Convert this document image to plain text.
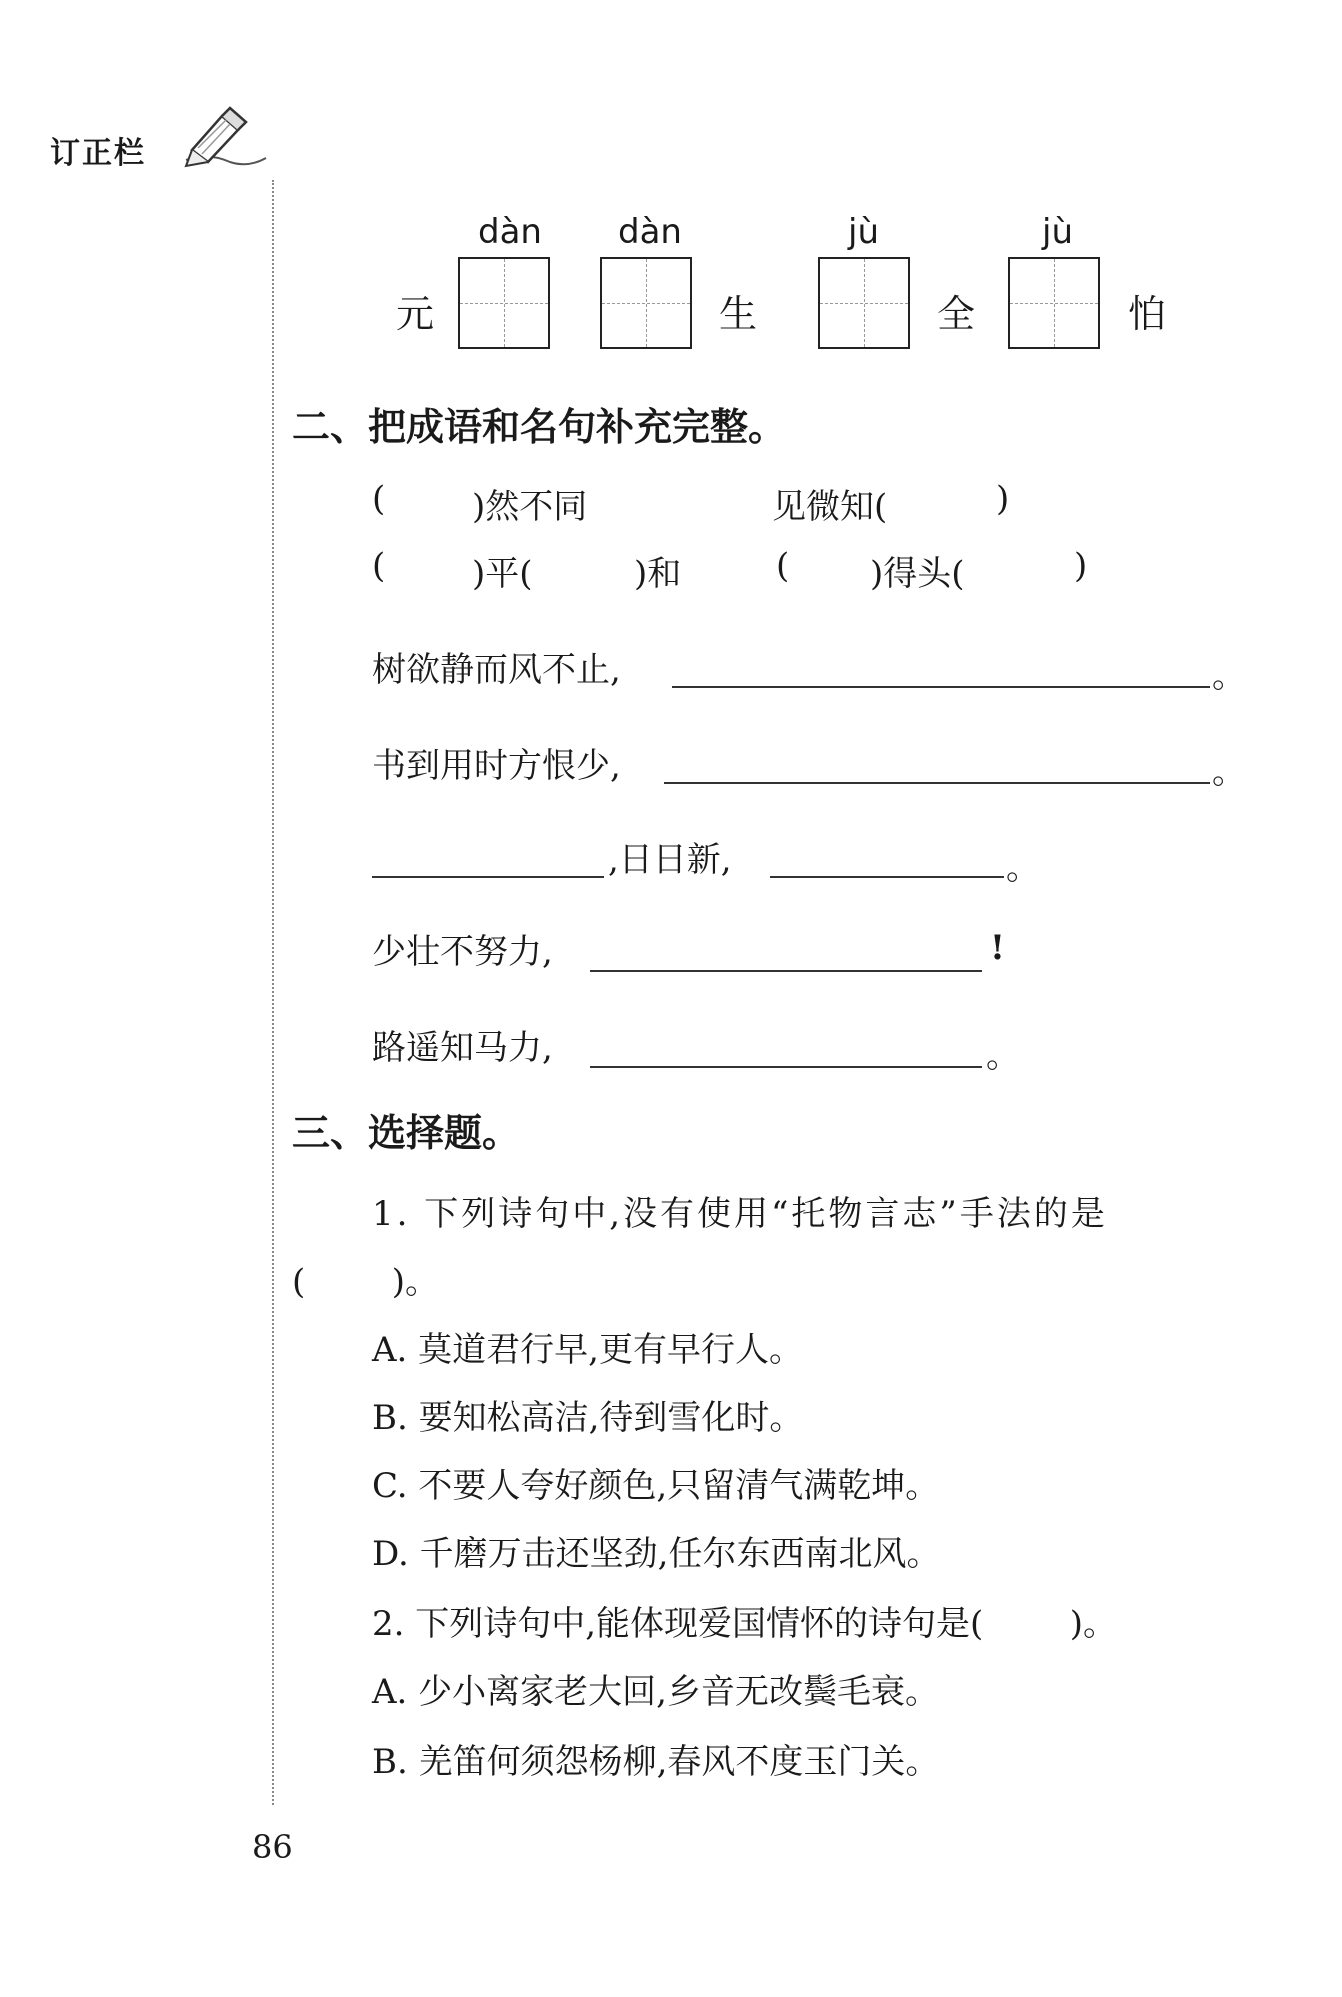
订正栏
dàn dàn	jù	jù
元	生	全	怕
二、把成语和名句补充完整。
(	)然不同	见微知(	)
(	)平(	)和	( )得头(	)
树欲静而风不止,	。
书到用时方恨少,	。
,日日新,	。
少壮不努力,	!
路遥知马力,	。
三、选择题。
1. 下列诗句中,没有使用“托物言志”手法的是
(        )。
A. 莫道君行早,更有早行人。
B. 要知松高洁,待到雪化时。
C. 不要人夸好颜色,只留清气满乾坤。
D. 千磨万击还坚劲,任尔东西南北风。
2. 下列诗句中,能体现爱国情怀的诗句是(        )。
A. 少小离家老大回,乡音无改鬓毛衰。
B. 羌笛何须怨杨柳,春风不度玉门关。
86
